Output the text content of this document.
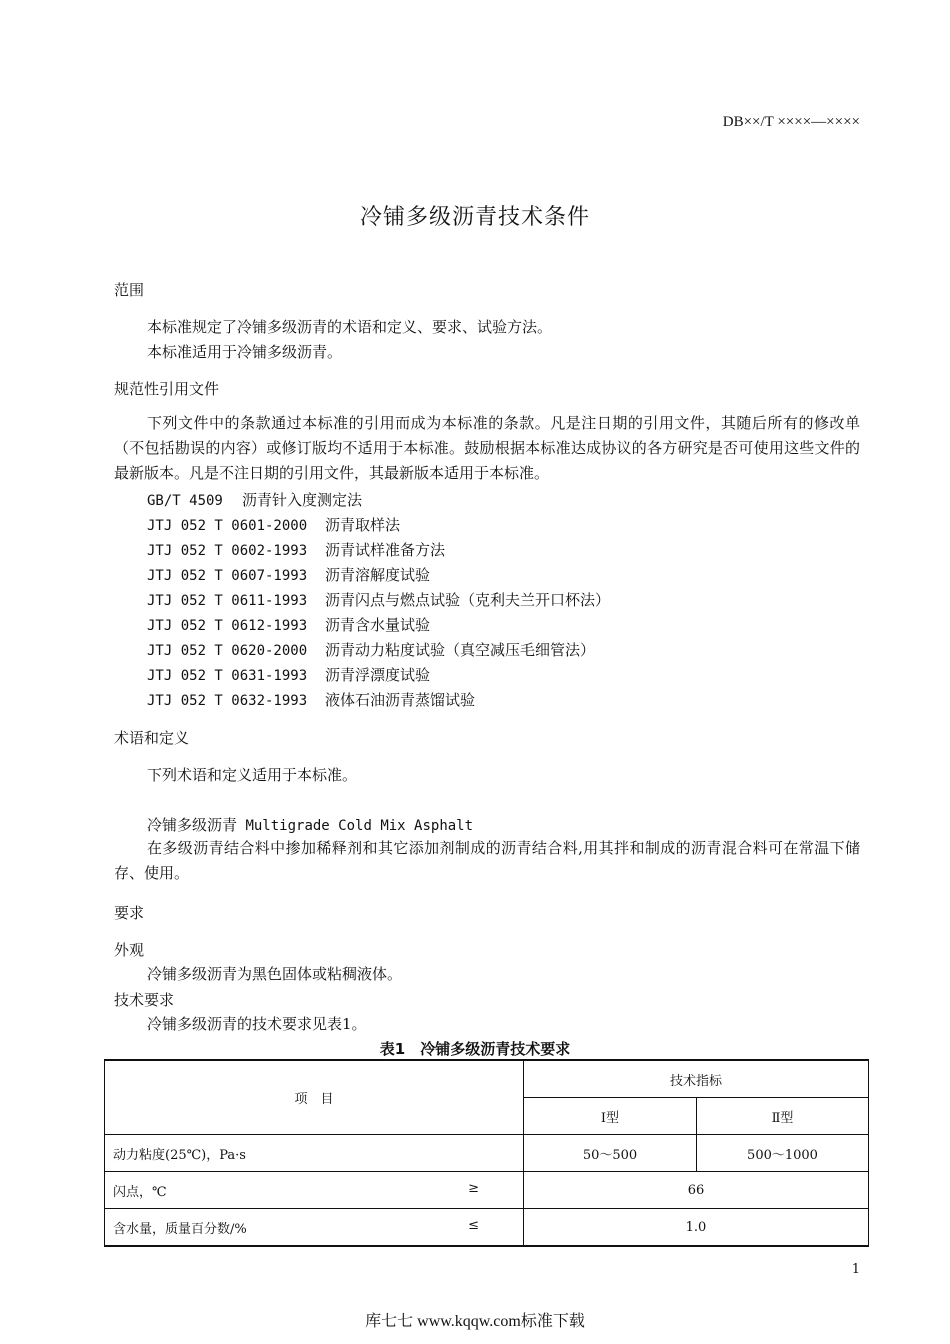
DB××/T ××××—××××
冷铺多级沥青技术条件
范围
本标准规定了冷铺多级沥青的术语和定义、要求、试验方法。
本标准适用于冷铺多级沥青。
规范性引用文件
下列文件中的条款通过本标准的引用而成为本标准的条款。凡是注日期的引用文件，其随后所有的修改单（不包括勘误的内容）或修订版均不适用于本标准。鼓励根据本标准达成协议的各方研究是否可使用这些文件的最新版本。凡是不注日期的引用文件，其最新版本适用于本标准。
GB/T 4509 沥青针入度测定法
JTJ 052 T 0601-2000 沥青取样法
JTJ 052 T 0602-1993 沥青试样准备方法
JTJ 052 T 0607-1993 沥青溶解度试验
JTJ 052 T 0611-1993 沥青闪点与燃点试验（克利夫兰开口杯法）
JTJ 052 T 0612-1993 沥青含水量试验
JTJ 052 T 0620-2000 沥青动力粘度试验（真空减压毛细管法）
JTJ 052 T 0631-1993 沥青浮漂度试验
JTJ 052 T 0632-1993 液体石油沥青蒸馏试验
术语和定义
下列术语和定义适用于本标准。
冷铺多级沥青 Multigrade Cold Mix Asphalt
在多级沥青结合料中掺加稀释剂和其它添加剂制成的沥青结合料,用其拌和制成的沥青混合料可在常温下储存、使用。
要求
外观
冷铺多级沥青为黑色固体或粘稠液体。
技术要求
冷铺多级沥青的技术要求见表1。
表1　冷铺多级沥青技术要求
项　目	技术指标	
	Ⅰ型	Ⅱ型
动力粘度(25℃)，Pa·s	50～500	500～1000
闪点，℃ ≥	66	
含水量，质量百分数/% ≤	1.0	
1
库七七 www.kqqw.com标准下载
